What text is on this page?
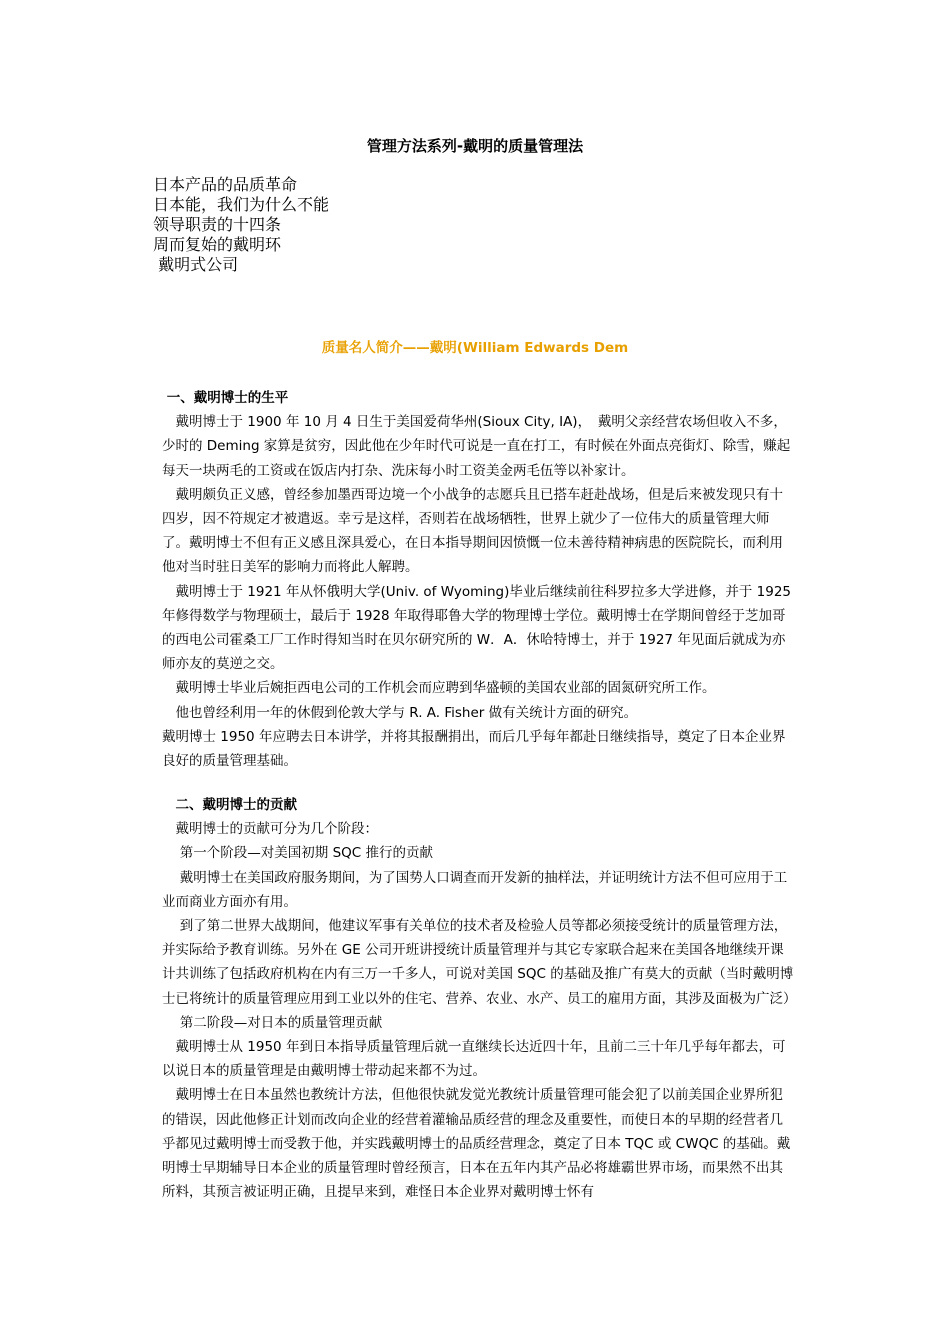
管理方法系列-戴明的质量管理法
日本产品的品质革命
日本能，我们为什么不能
领导职责的十四条
周而复始的戴明环
戴明式公司
质量名人简介——戴明(William Edwards Dem
一、戴明博士的生平
　戴明博士于 1900 年 10 月 4 日生于美国爱荷华州(Sioux City, IA)，　戴明父亲经营农场但收入不多，少时的 Deming 家算是贫穷，因此他在少年时代可说是一直在打工，有时候在外面点亮街灯、除雪，赚起每天一块两毛的工资或在饭店内打杂、洗床每小时工资美金两毛伍等以补家计。
　戴明颇负正义感，曾经参加墨西哥边境一个小战争的志愿兵且已搭车赶赴战场，但是后来被发现只有十四岁，因不符规定才被遣返。幸亏是这样，否则若在战场牺牲，世界上就少了一位伟大的质量管理大师了。戴明博士不但有正义感且深具爱心，在日本指导期间因愤慨一位未善待精神病患的医院院长，而利用他对当时驻日美军的影响力而将此人解聘。
　戴明博士于 1921 年从怀俄明大学(Univ. of Wyoming)毕业后继续前往科罗拉多大学进修，并于 1925 年修得数学与物理硕士，最后于 1928 年取得耶鲁大学的物理博士学位。戴明博士在学期间曾经于芝加哥的西电公司霍桑工厂工作时得知当时在贝尔研究所的 W．A．休哈特博士，并于 1927 年见面后就成为亦师亦友的莫逆之交。
　戴明博士毕业后婉拒西电公司的工作机会而应聘到华盛顿的美国农业部的固氮研究所工作。
　他也曾经利用一年的休假到伦敦大学与 R. A. Fisher 做有关统计方面的研究。
戴明博士 1950 年应聘去日本讲学，并将其报酬捐出，而后几乎每年都赴日继续指导，奠定了日本企业界良好的质量管理基础。
　二、戴明博士的贡献
　戴明博士的贡献可分为几个阶段：
　 第一个阶段—对美国初期 SQC 推行的贡献
　 戴明博士在美国政府服务期间，为了国势人口调查而开发新的抽样法，并证明统计方法不但可应用于工业而商业方面亦有用。
　 到了第二世界大战期间，他建议军事有关单位的技术者及检验人员等都必须接受统计的质量管理方法，并实际给予教育训练。另外在 GE 公司开班讲授统计质量管理并与其它专家联合起来在美国各地继续开课计共训练了包括政府机构在内有三万一千多人，可说对美国 SQC 的基础及推广有莫大的贡献（当时戴明博士已将统计的质量管理应用到工业以外的住宅、营养、农业、水产、员工的雇用方面，其涉及面极为广泛）
　 第二阶段—对日本的质量管理贡献
　戴明博士从 1950 年到日本指导质量管理后就一直继续长达近四十年，且前二三十年几乎每年都去，可以说日本的质量管理是由戴明博士带动起来都不为过。
　戴明博士在日本虽然也教统计方法，但他很快就发觉光教统计质量管理可能会犯了以前美国企业界所犯的错误，因此他修正计划而改向企业的经营着灌输品质经营的理念及重要性，而使日本的早期的经营者几乎都见过戴明博士而受教于他，并实践戴明博士的品质经营理念，奠定了日本 TQC 或 CWQC 的基础。戴明博士早期辅导日本企业的质量管理时曾经预言，日本在五年内其产品必将雄霸世界市场，而果然不出其所料，其预言被证明正确，且提早来到，难怪日本企业界对戴明博士怀有
